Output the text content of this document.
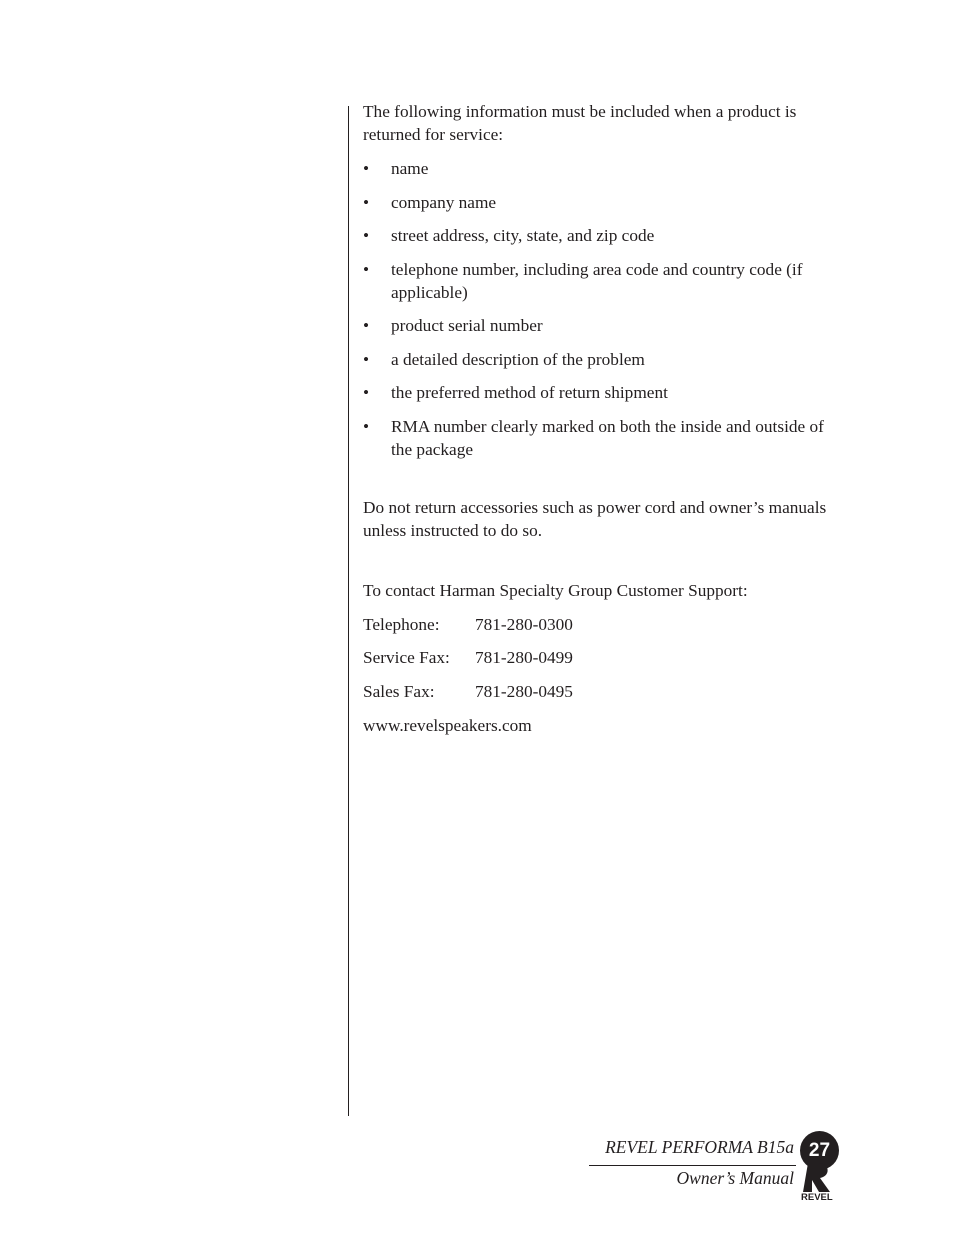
The following information must be included when a product is returned for service:

• name
• company name
• street address, city, state, and zip code
• telephone number, including area code and country code (if applicable)
• product serial number
• a detailed description of the problem
• the preferred method of return shipment
• RMA number clearly marked on both the inside and outside of the package

Do not return accessories such as power cord and owner’s manuals unless instructed to do so.

To contact Harman Specialty Group Customer Support:

Telephone:	781-280-0300
Service Fax:	781-280-0499
Sales Fax:	781-280-0495

www.revelspeakers.com

REVEL PERFORMA B15a
Owner’s Manual
27
REVEL
